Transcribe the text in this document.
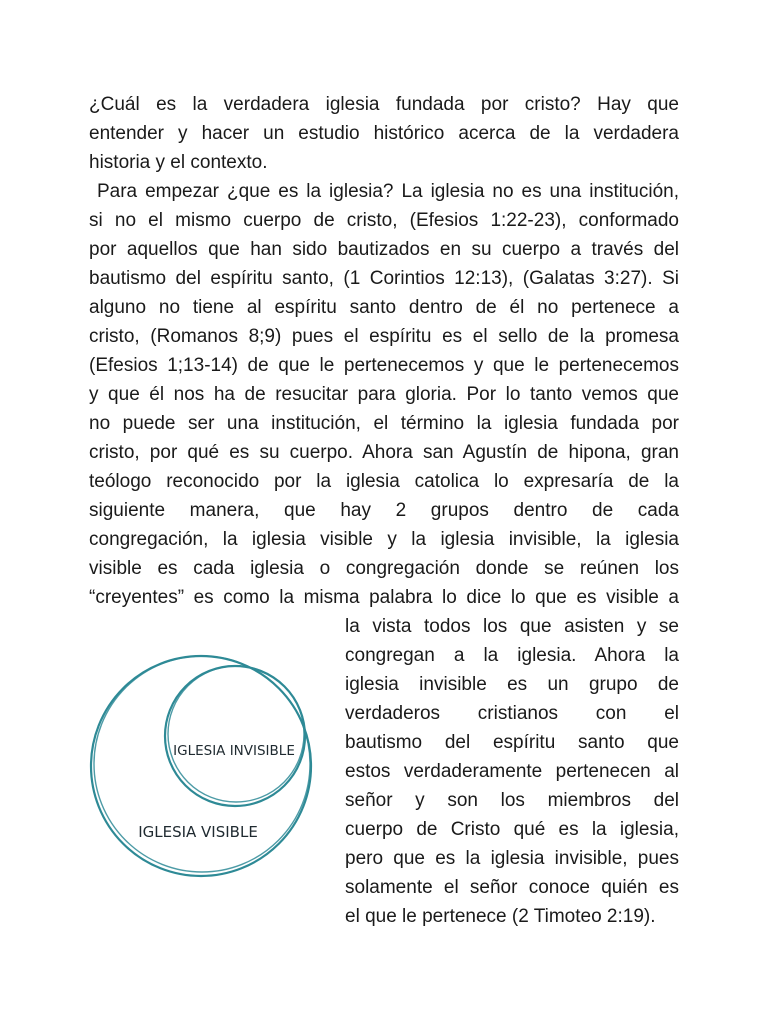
¿Cuál es la verdadera iglesia fundada por cristo? Hay que
entender y hacer un estudio histórico acerca de la verdadera
historia y el contexto.
Para empezar ¿que es la iglesia? La iglesia no es una institución,
si no el mismo cuerpo de cristo, (Efesios 1:22-23), conformado
por aquellos que han sido bautizados en su cuerpo a través del
bautismo del espíritu santo, (1 Corintios 12:13), (Galatas 3:27). Si
alguno no tiene al espíritu santo dentro de él no pertenece a
cristo, (Romanos 8;9) pues el espíritu es el sello de la promesa
(Efesios 1;13-14) de que le pertenecemos y que le pertenecemos
y que él nos ha de resucitar para gloria. Por lo tanto vemos que
no puede ser una institución, el término la iglesia fundada por
cristo, por qué es su cuerpo. Ahora san Agustín de hipona, gran
teólogo reconocido por la iglesia catolica lo expresaría de la
siguiente manera, que hay 2 grupos dentro de cada
congregación, la iglesia visible y la iglesia invisible, la iglesia
visible es cada iglesia o congregación donde se reúnen los
“creyentes” es como la misma palabra lo dice lo que es visible a
la vista todos los que asisten y se
congregan a la iglesia. Ahora la
iglesia invisible es un grupo de
verdaderos cristianos con el
bautismo del espíritu santo que
estos verdaderamente pertenecen al
señor y son los miembros del
cuerpo de Cristo qué es la iglesia,
pero que es la iglesia invisible, pues
solamente el señor conoce quién es
el que le pertenece (2 Timoteo 2:19).
IGLESIA INVISIBLE
IGLESIA VISIBLE
